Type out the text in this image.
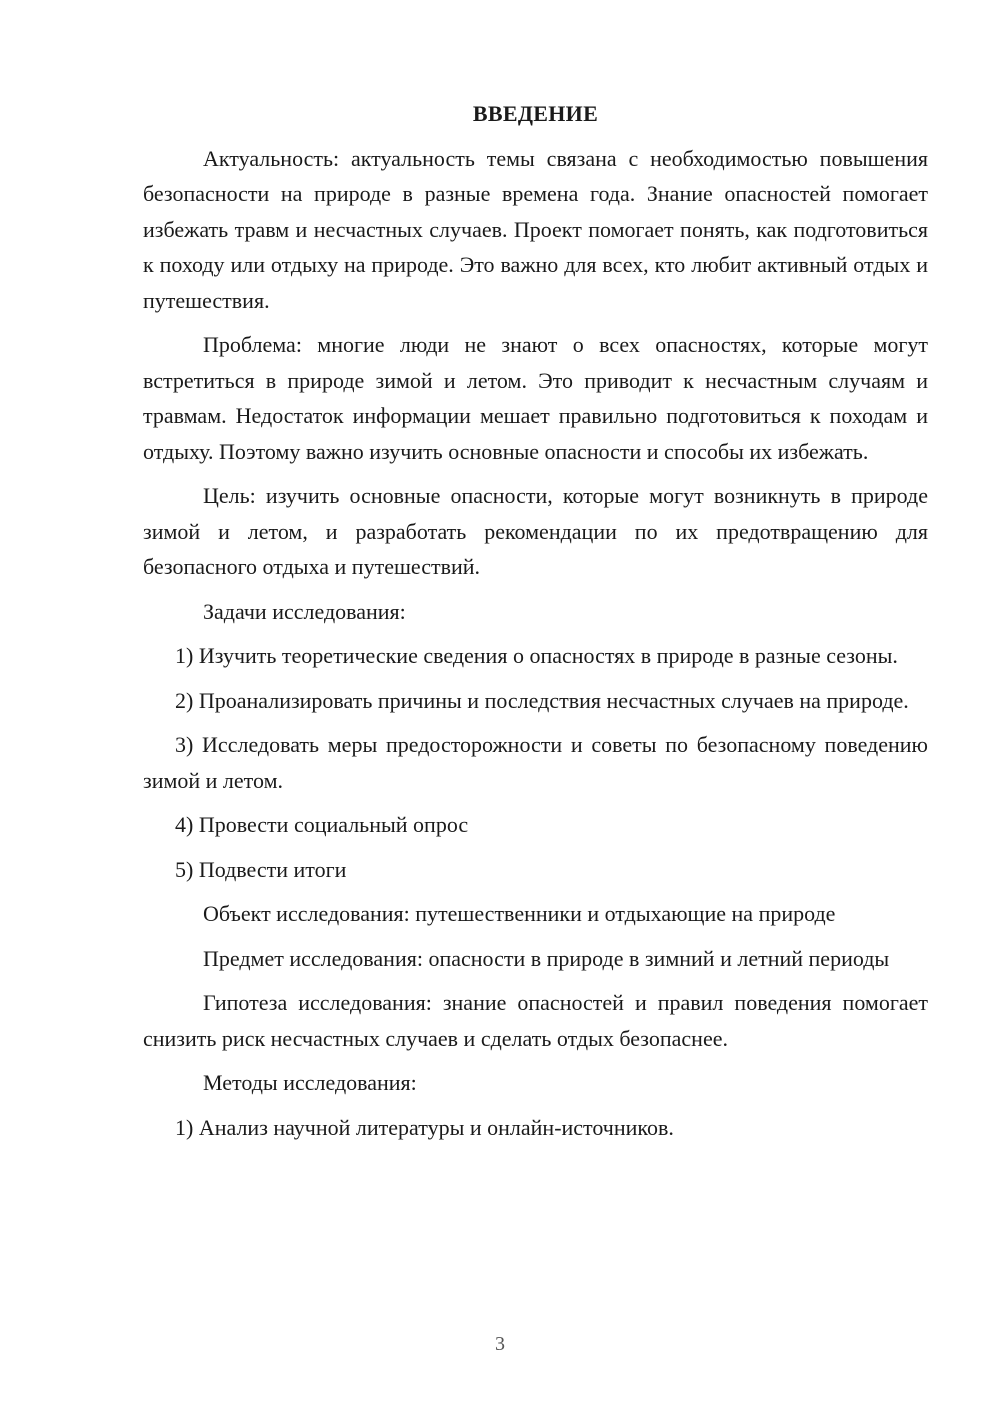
ВВЕДЕНИЕ

Актуальность: актуальность темы связана с необходимостью повышения безопасности на природе в разные времена года. Знание опасностей помогает избежать травм и несчастных случаев. Проект помогает понять, как подготовиться к походу или отдыху на природе. Это важно для всех, кто любит активный отдых и путешествия.

Проблема: многие люди не знают о всех опасностях, которые могут встретиться в природе зимой и летом. Это приводит к несчастным случаям и травмам. Недостаток информации мешает правильно подготовиться к походам и отдыху. Поэтому важно изучить основные опасности и способы их избежать.

Цель: изучить основные опасности, которые могут возникнуть в природе зимой и летом, и разработать рекомендации по их предотвращению для безопасного отдыха и путешествий.

Задачи исследования:

1) Изучить теоретические сведения о опасностях в природе в разные сезоны.

2) Проанализировать причины и последствия несчастных случаев на природе.

3) Исследовать меры предосторожности и советы по безопасному поведению зимой и летом.

4) Провести социальный опрос

5) Подвести итоги

Объект исследования: путешественники и отдыхающие на природе

Предмет исследования: опасности в природе в зимний и летний периоды

Гипотеза исследования: знание опасностей и правил поведения помогает снизить риск несчастных случаев и сделать отдых безопаснее.

Методы исследования:

1) Анализ научной литературы и онлайн-источников.

3
